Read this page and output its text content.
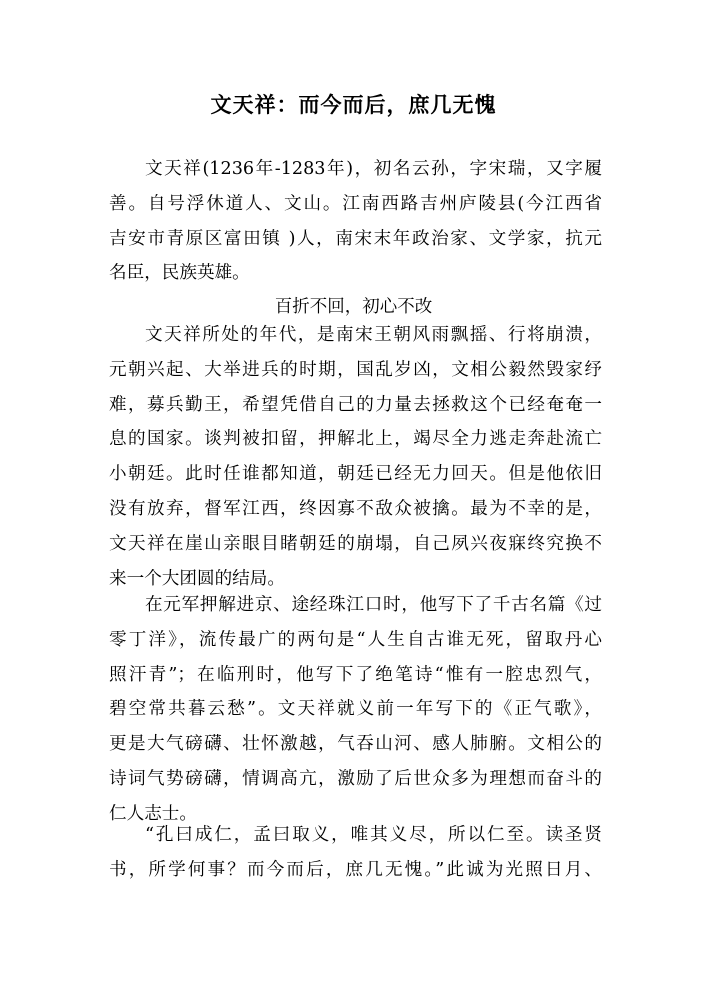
文天祥：而今而后，庶几无愧
文天祥(1236年-1283年)，初名云孙，字宋瑞，又字履
善。自号浮休道人、文山。江南西路吉州庐陵县(今江西省
吉安市青原区富田镇 )人，南宋末年政治家、文学家，抗元
名臣，民族英雄。
百折不回，初心不改
文天祥所处的年代，是南宋王朝风雨飘摇、行将崩溃，
元朝兴起、大举进兵的时期，国乱岁凶，文相公毅然毁家纾
难，募兵勤王，希望凭借自己的力量去拯救这个已经奄奄一
息的国家。谈判被扣留，押解北上，竭尽全力逃走奔赴流亡
小朝廷。此时任谁都知道，朝廷已经无力回天。但是他依旧
没有放弃，督军江西，终因寡不敌众被擒。最为不幸的是，
文天祥在崖山亲眼目睹朝廷的崩塌，自己夙兴夜寐终究换不
来一个大团圆的结局。
在元军押解进京、途经珠江口时，他写下了千古名篇《过
零丁洋》，流传最广的两句是“人生自古谁无死，留取丹心
照汗青”；在临刑时，他写下了绝笔诗“惟有一腔忠烈气，
碧空常共暮云愁”。文天祥就义前一年写下的《正气歌》，
更是大气磅礴、壮怀激越，气吞山河、感人肺腑。文相公的
诗词气势磅礴，情调高亢，激励了后世众多为理想而奋斗的
仁人志士。
“孔曰成仁，孟曰取义，唯其义尽，所以仁至。读圣贤
书，所学何事？而今而后，庶几无愧。”此诚为光照日月、
